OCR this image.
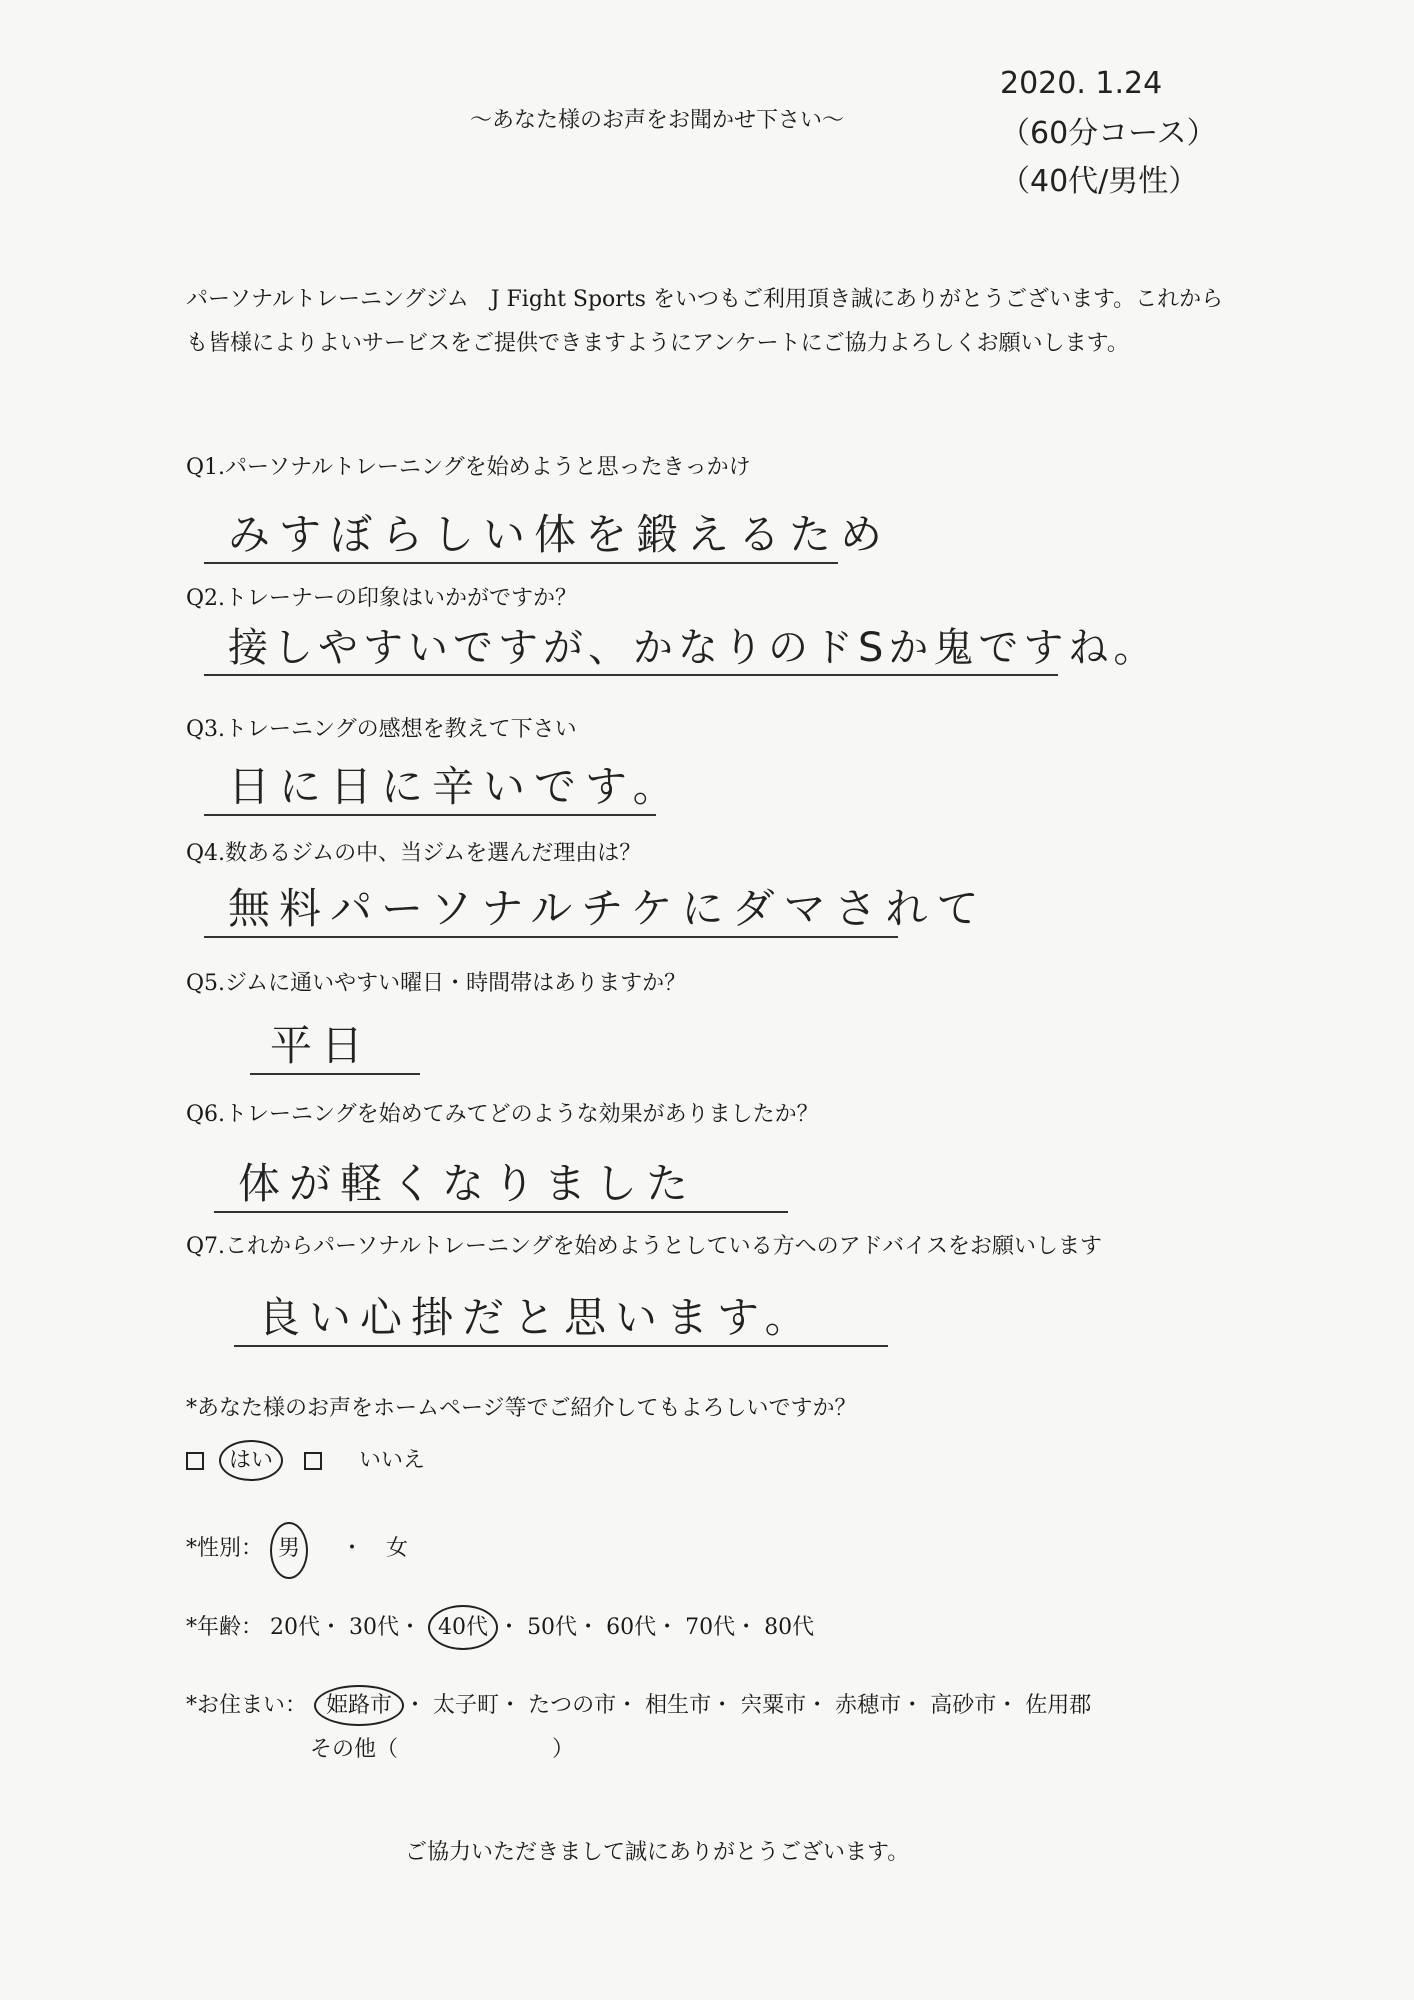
～あなた様のお声をお聞かせ下さい～
2020. 1.24
（60分コース）
（40代/男性）
パーソナルトレーニングジム　J Fight Sports をいつもご利用頂き誠にありがとうございます。これからも皆様によりよいサービスをご提供できますようにアンケートにご協力よろしくお願いします。
Q1.パーソナルトレーニングを始めようと思ったきっかけ
みすぼらしい体を鍛えるため
Q2.トレーナーの印象はいかがですか？
接しやすいですが、かなりのドSか鬼ですね。
Q3.トレーニングの感想を教えて下さい
日に日に辛いです。
Q4.数あるジムの中、当ジムを選んだ理由は？
無料パーソナルチケにダマされて
Q5.ジムに通いやすい曜日・時間帯はありますか？
平日
Q6.トレーニングを始めてみてどのような効果がありましたか？
体が軽くなりました
Q7.これからパーソナルトレーニングを始めようとしている方へのアドバイスをお願いします
良い心掛だと思います。
*あなた様のお声をホームページ等でご紹介してもよろしいですか？
はい	いいえ
*性別： 男 ・ 女
*年齢： 20代・ 30代・ 40代 ・ 50代・ 60代・ 70代・ 80代
*お住まい： 姫路市 ・ 太子町・ たつの市・ 相生市・ 宍粟市・ 赤穂市・ 高砂市・ 佐用郡
その他（　　　　　　　）
ご協力いただきまして誠にありがとうございます。
